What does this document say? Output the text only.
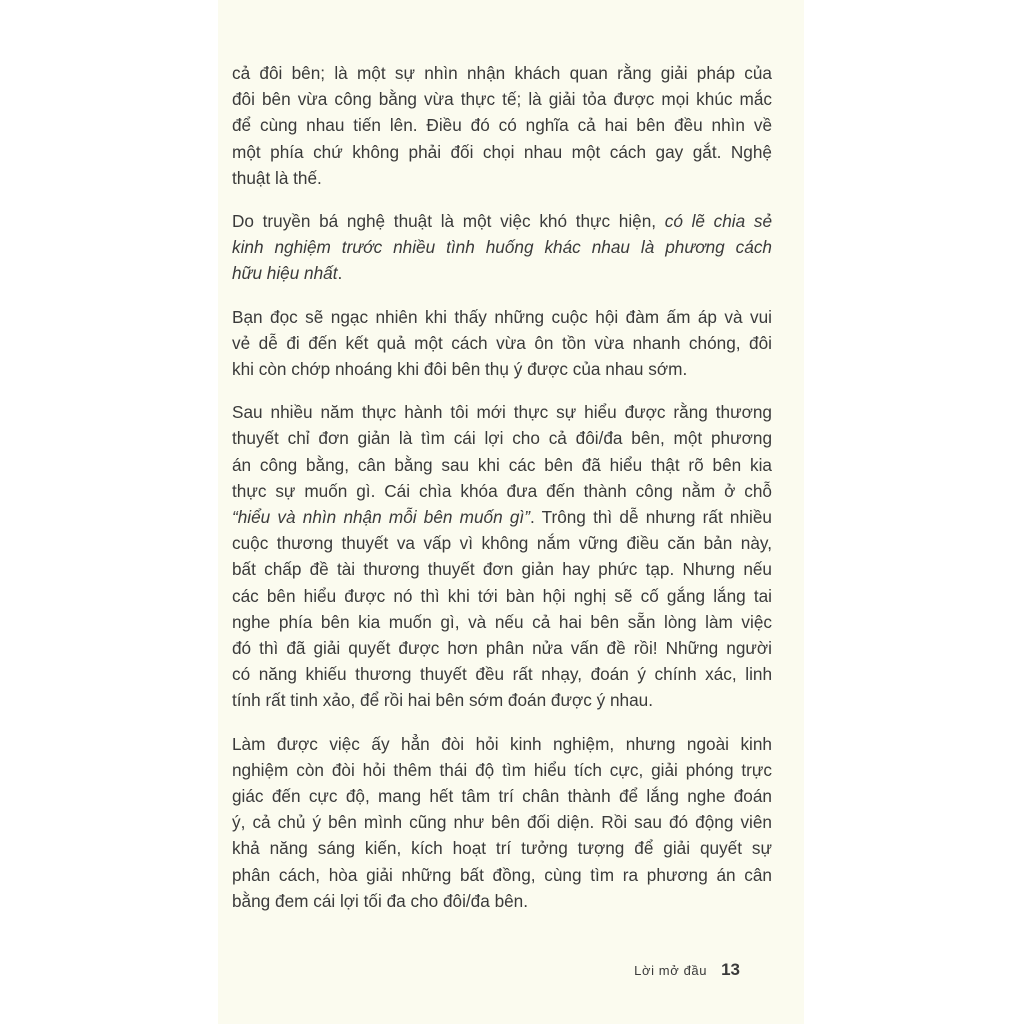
cả đôi bên; là một sự nhìn nhận khách quan rằng giải pháp của
đôi bên vừa công bằng vừa thực tế; là giải tỏa được mọi khúc mắc
để cùng nhau tiến lên. Điều đó có nghĩa cả hai bên đều nhìn về
một phía chứ không phải đối chọi nhau một cách gay gắt. Nghệ
thuật là thế.

Do truyền bá nghệ thuật là một việc khó thực hiện, có lẽ chia sẻ
kinh nghiệm trước nhiều tình huống khác nhau là phương cách
hữu hiệu nhất.

Bạn đọc sẽ ngạc nhiên khi thấy những cuộc hội đàm ấm áp và vui
vẻ dễ đi đến kết quả một cách vừa ôn tồn vừa nhanh chóng, đôi
khi còn chớp nhoáng khi đôi bên thụ ý được của nhau sớm.

Sau nhiều năm thực hành tôi mới thực sự hiểu được rằng thương
thuyết chỉ đơn giản là tìm cái lợi cho cả đôi/đa bên, một phương
án công bằng, cân bằng sau khi các bên đã hiểu thật rõ bên kia
thực sự muốn gì. Cái chìa khóa đưa đến thành công nằm ở chỗ
“hiểu và nhìn nhận mỗi bên muốn gì”. Trông thì dễ nhưng rất nhiều
cuộc thương thuyết va vấp vì không nắm vững điều căn bản này,
bất chấp đề tài thương thuyết đơn giản hay phức tạp. Nhưng nếu
các bên hiểu được nó thì khi tới bàn hội nghị sẽ cố gắng lắng tai
nghe phía bên kia muốn gì, và nếu cả hai bên sẵn lòng làm việc
đó thì đã giải quyết được hơn phân nửa vấn đề rồi! Những người
có năng khiếu thương thuyết đều rất nhạy, đoán ý chính xác, linh
tính rất tinh xảo, để rồi hai bên sớm đoán được ý nhau.

Làm được việc ấy hẳn đòi hỏi kinh nghiệm, nhưng ngoài kinh
nghiệm còn đòi hỏi thêm thái độ tìm hiểu tích cực, giải phóng trực
giác đến cực độ, mang hết tâm trí chân thành để lắng nghe đoán
ý, cả chủ ý bên mình cũng như bên đối diện. Rồi sau đó động viên
khả năng sáng kiến, kích hoạt trí tưởng tượng để giải quyết sự
phân cách, hòa giải những bất đồng, cùng tìm ra phương án cân
bằng đem cái lợi tối đa cho đôi/đa bên.

Lời mở đầu 13
